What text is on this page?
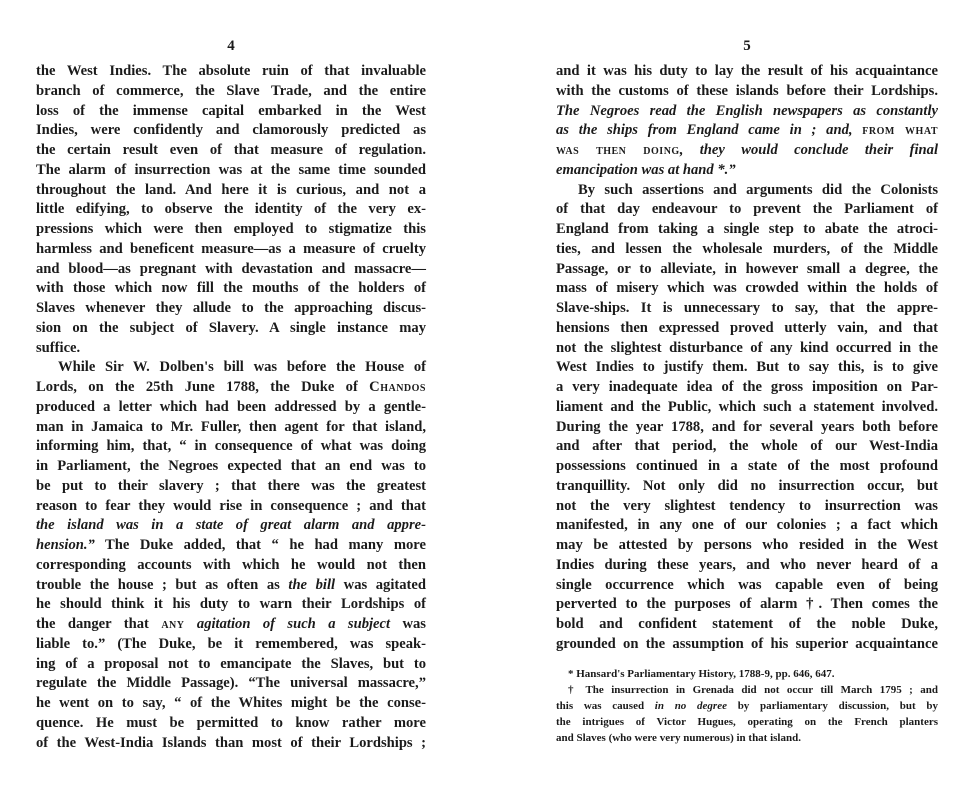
4
the West Indies. The absolute ruin of that invaluable
branch of commerce, the Slave Trade, and the entire
loss of the immense capital embarked in the West
Indies, were confidently and clamorously predicted as
the certain result even of that measure of regulation.
The alarm of insurrection was at the same time sounded
throughout the land. And here it is curious, and not a
little edifying, to observe the identity of the very ex-
pressions which were then employed to stigmatize this
harmless and beneficent measure—as a measure of cruelty
and blood—as pregnant with devastation and massacre—
with those which now fill the mouths of the holders of
Slaves whenever they allude to the approaching discus-
sion on the subject of Slavery. A single instance may
suffice.
While Sir W. Dolben's bill was before the House of
Lords, on the 25th June 1788, the Duke of Chandos
produced a letter which had been addressed by a gentle-
man in Jamaica to Mr. Fuller, then agent for that island,
informing him, that, “ in consequence of what was doing
in Parliament, the Negroes expected that an end was to
be put to their slavery ; that there was the greatest
reason to fear they would rise in consequence ; and that
the island was in a state of great alarm and appre-
hension.” The Duke added, that “ he had many more
corresponding accounts with which he would not then
trouble the house ; but as often as the bill was agitated
he should think it his duty to warn their Lordships of
the danger that any agitation of such a subject was
liable to.” (The Duke, be it remembered, was speak-
ing of a proposal not to emancipate the Slaves, but to
regulate the Middle Passage). “The universal massacre,”
he went on to say, “ of the Whites might be the conse-
quence. He must be permitted to know rather more
of the West-India Islands than most of their Lordships ;
5
and it was his duty to lay the result of his acquaintance
with the customs of these islands before their Lordships.
The Negroes read the English newspapers as constantly
as the ships from England came in ; and, from what
was then doing, they would conclude their final
emancipation was at hand *.”
By such assertions and arguments did the Colonists
of that day endeavour to prevent the Parliament of
England from taking a single step to abate the atroci-
ties, and lessen the wholesale murders, of the Middle
Passage, or to alleviate, in however small a degree, the
mass of misery which was crowded within the holds of
Slave-ships. It is unnecessary to say, that the appre-
hensions then expressed proved utterly vain, and that
not the slightest disturbance of any kind occurred in the
West Indies to justify them. But to say this, is to give
a very inadequate idea of the gross imposition on Par-
liament and the Public, which such a statement involved.
During the year 1788, and for several years both before
and after that period, the whole of our West-India
possessions continued in a state of the most profound
tranquillity. Not only did no insurrection occur, but
not the very slightest tendency to insurrection was
manifested, in any one of our colonies ; a fact which
may be attested by persons who resided in the West
Indies during these years, and who never heard of a
single occurrence which was capable even of being
perverted to the purposes of alarm †. Then comes the
bold and confident statement of the noble Duke,
grounded on the assumption of his superior acquaintance
* Hansard's Parliamentary History, 1788-9, pp. 646, 647.
† The insurrection in Grenada did not occur till March 1795 ; and
this was caused in no degree by parliamentary discussion, but by
the intrigues of Victor Hugues, operating on the French planters
and Slaves (who were very numerous) in that island.
